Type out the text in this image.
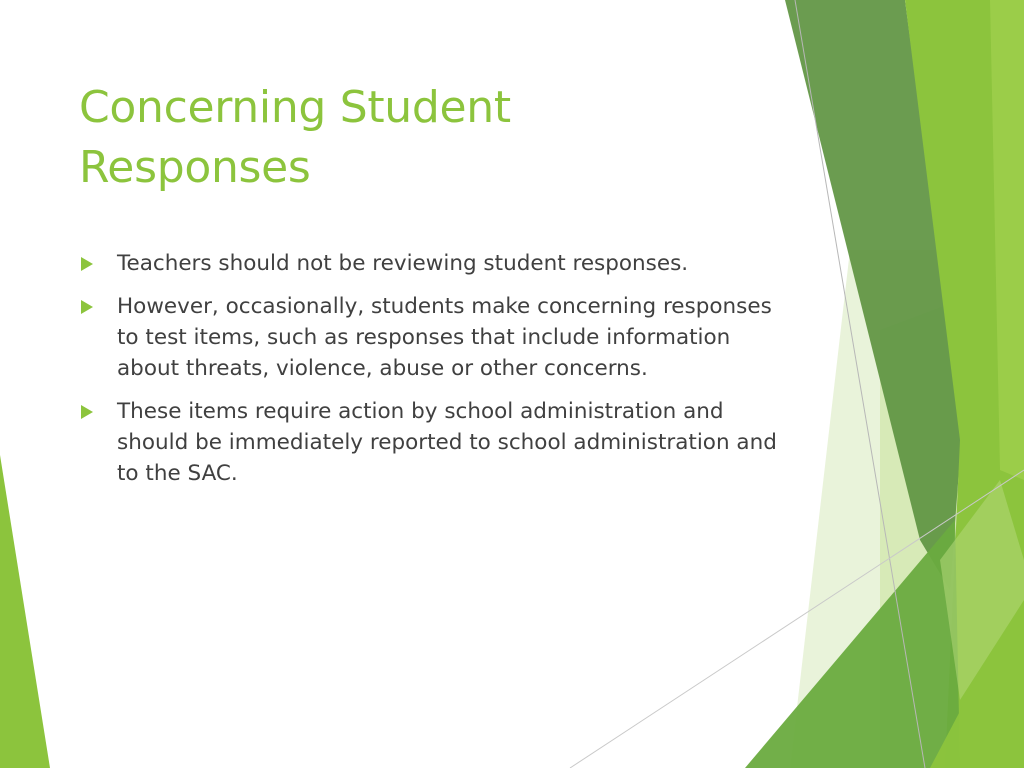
Concerning Student Responses
Teachers should not be reviewing student responses.
However, occasionally, students make concerning responses to test items, such as responses that include information about threats, violence, abuse or other concerns.
These items require action by school administration and should be immediately reported to school administration and to the SAC.
